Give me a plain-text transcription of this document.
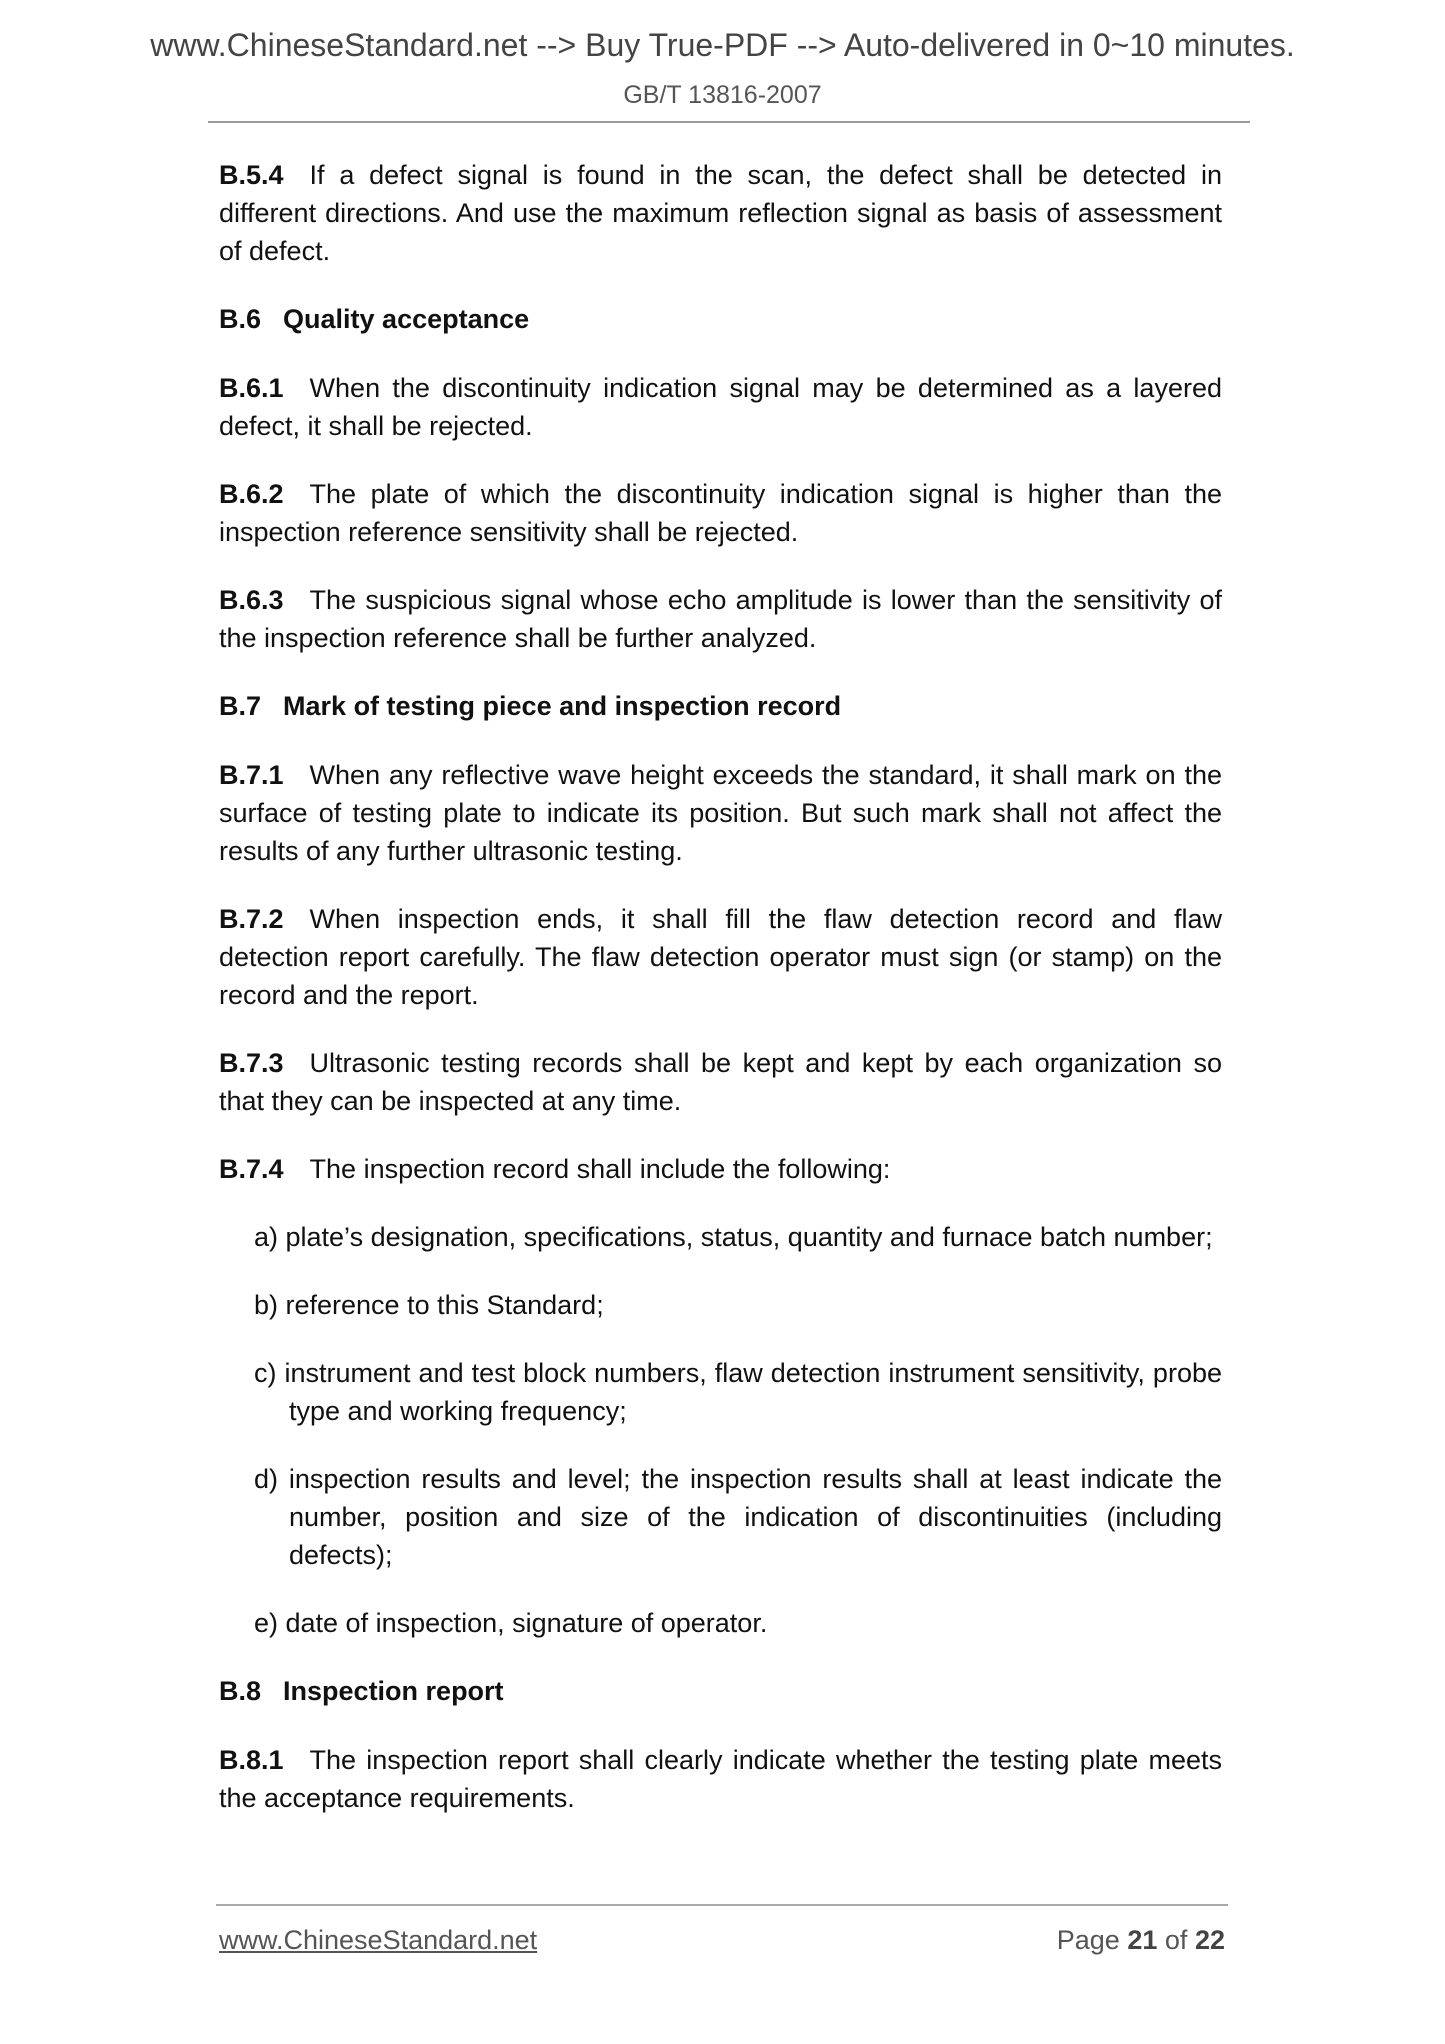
www.ChineseStandard.net --> Buy True-PDF --> Auto-delivered in 0~10 minutes.
GB/T 13816-2007
B.5.4 If a defect signal is found in the scan, the defect shall be detected in different directions. And use the maximum reflection signal as basis of assessment of defect.
B.6 Quality acceptance
B.6.1 When the discontinuity indication signal may be determined as a layered defect, it shall be rejected.
B.6.2 The plate of which the discontinuity indication signal is higher than the inspection reference sensitivity shall be rejected.
B.6.3 The suspicious signal whose echo amplitude is lower than the sensitivity of the inspection reference shall be further analyzed.
B.7 Mark of testing piece and inspection record
B.7.1 When any reflective wave height exceeds the standard, it shall mark on the surface of testing plate to indicate its position. But such mark shall not affect the results of any further ultrasonic testing.
B.7.2 When inspection ends, it shall fill the flaw detection record and flaw detection report carefully. The flaw detection operator must sign (or stamp) on the record and the report.
B.7.3 Ultrasonic testing records shall be kept and kept by each organization so that they can be inspected at any time.
B.7.4 The inspection record shall include the following:
a) plate’s designation, specifications, status, quantity and furnace batch number;
b) reference to this Standard;
c) instrument and test block numbers, flaw detection instrument sensitivity, probe type and working frequency;
d) inspection results and level; the inspection results shall at least indicate the number, position and size of the indication of discontinuities (including defects);
e) date of inspection, signature of operator.
B.8 Inspection report
B.8.1 The inspection report shall clearly indicate whether the testing plate meets the acceptance requirements.
www.ChineseStandard.net	Page 21 of 22
